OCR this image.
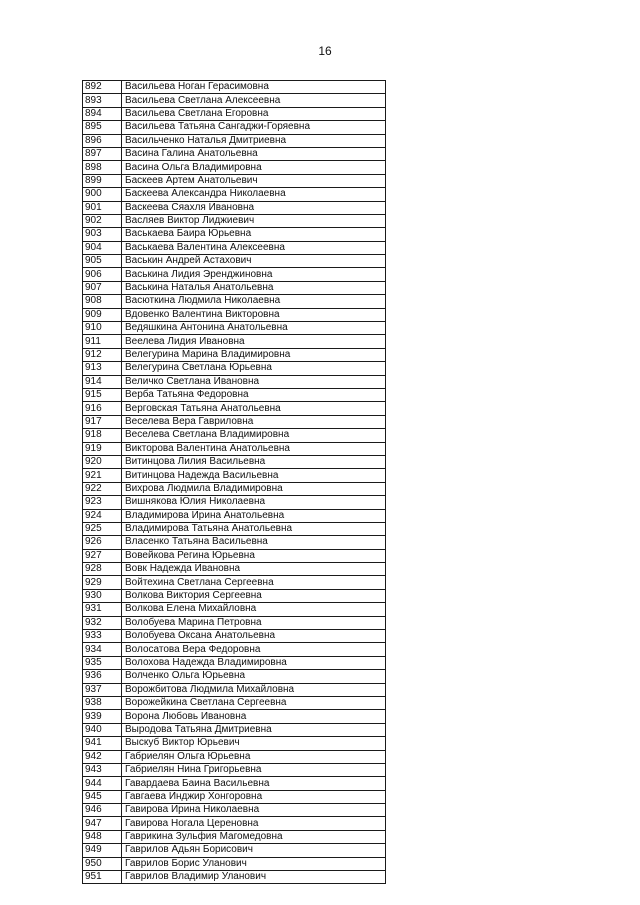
16
892	Васильева Ноган Герасимовна
893	Васильева Светлана Алексеевна
894	Васильева Светлана Егоровна
895	Васильева Татьяна Сангаджи-Горяевна
896	Васильченко Наталья Дмитриевна
897	Васина Галина Анатольевна
898	Васина Ольга Владимировна
899	Баскеев Артем Анатольевич
900	Баскеева Александра Николаевна
901	Васкеева Сяахля Ивановна
902	Васляев Виктор Лиджиевич
903	Васькаева Баира Юрьевна
904	Васькаева Валентина Алексеевна
905	Васькин Андрей Астахович
906	Васькина Лидия Эренджиновна
907	Васькина Наталья Анатольевна
908	Васюткина Людмила Николаевна
909	Вдовенко Валентина Викторовна
910	Ведяшкина Антонина Анатольевна
911	Веелева Лидия Ивановна
912	Велегурина Марина Владимировна
913	Велегурина Светлана Юрьевна
914	Величко Светлана Ивановна
915	Верба Татьяна Федоровна
916	Верговская Татьяна Анатольевна
917	Веселева Вера Гавриловна
918	Веселева Светлана Владимировна
919	Викторова Валентина Анатольевна
920	Витинцова Лилия Васильевна
921	Витинцова Надежда Васильевна
922	Вихрова Людмила Владимировна
923	Вишнякова Юлия Николаевна
924	Владимирова Ирина Анатольевна
925	Владимирова Татьяна Анатольевна
926	Власенко Татьяна Васильевна
927	Вовейкова Регина Юрьевна
928	Вовк Надежда Ивановна
929	Войтехина Светлана Сергеевна
930	Волкова Виктория Сергеевна
931	Волкова Елена Михайловна
932	Волобуева Марина Петровна
933	Волобуева Оксана Анатольевна
934	Волосатова Вера Федоровна
935	Волохова Надежда Владимировна
936	Волченко Ольга Юрьевна
937	Ворожбитова Людмила Михайловна
938	Ворожейкина Светлана Сергеевна
939	Ворона Любовь Ивановна
940	Выродова Татьяна Дмитриевна
941	Выскуб Виктор Юрьевич
942	Габриелян Ольга Юрьевна
943	Габриелян Нина Григорьевна
944	Гавардаева Баина Васильевна
945	Гавгаева Инджир Хонгоровна
946	Гавирова Ирина Николаевна
947	Гавирова Ногала Цереновна
948	Гаврикина Зульфия Магомедовна
949	Гаврилов Адьян Борисович
950	Гаврилов Борис Уланович
951	Гаврилов Владимир Уланович
